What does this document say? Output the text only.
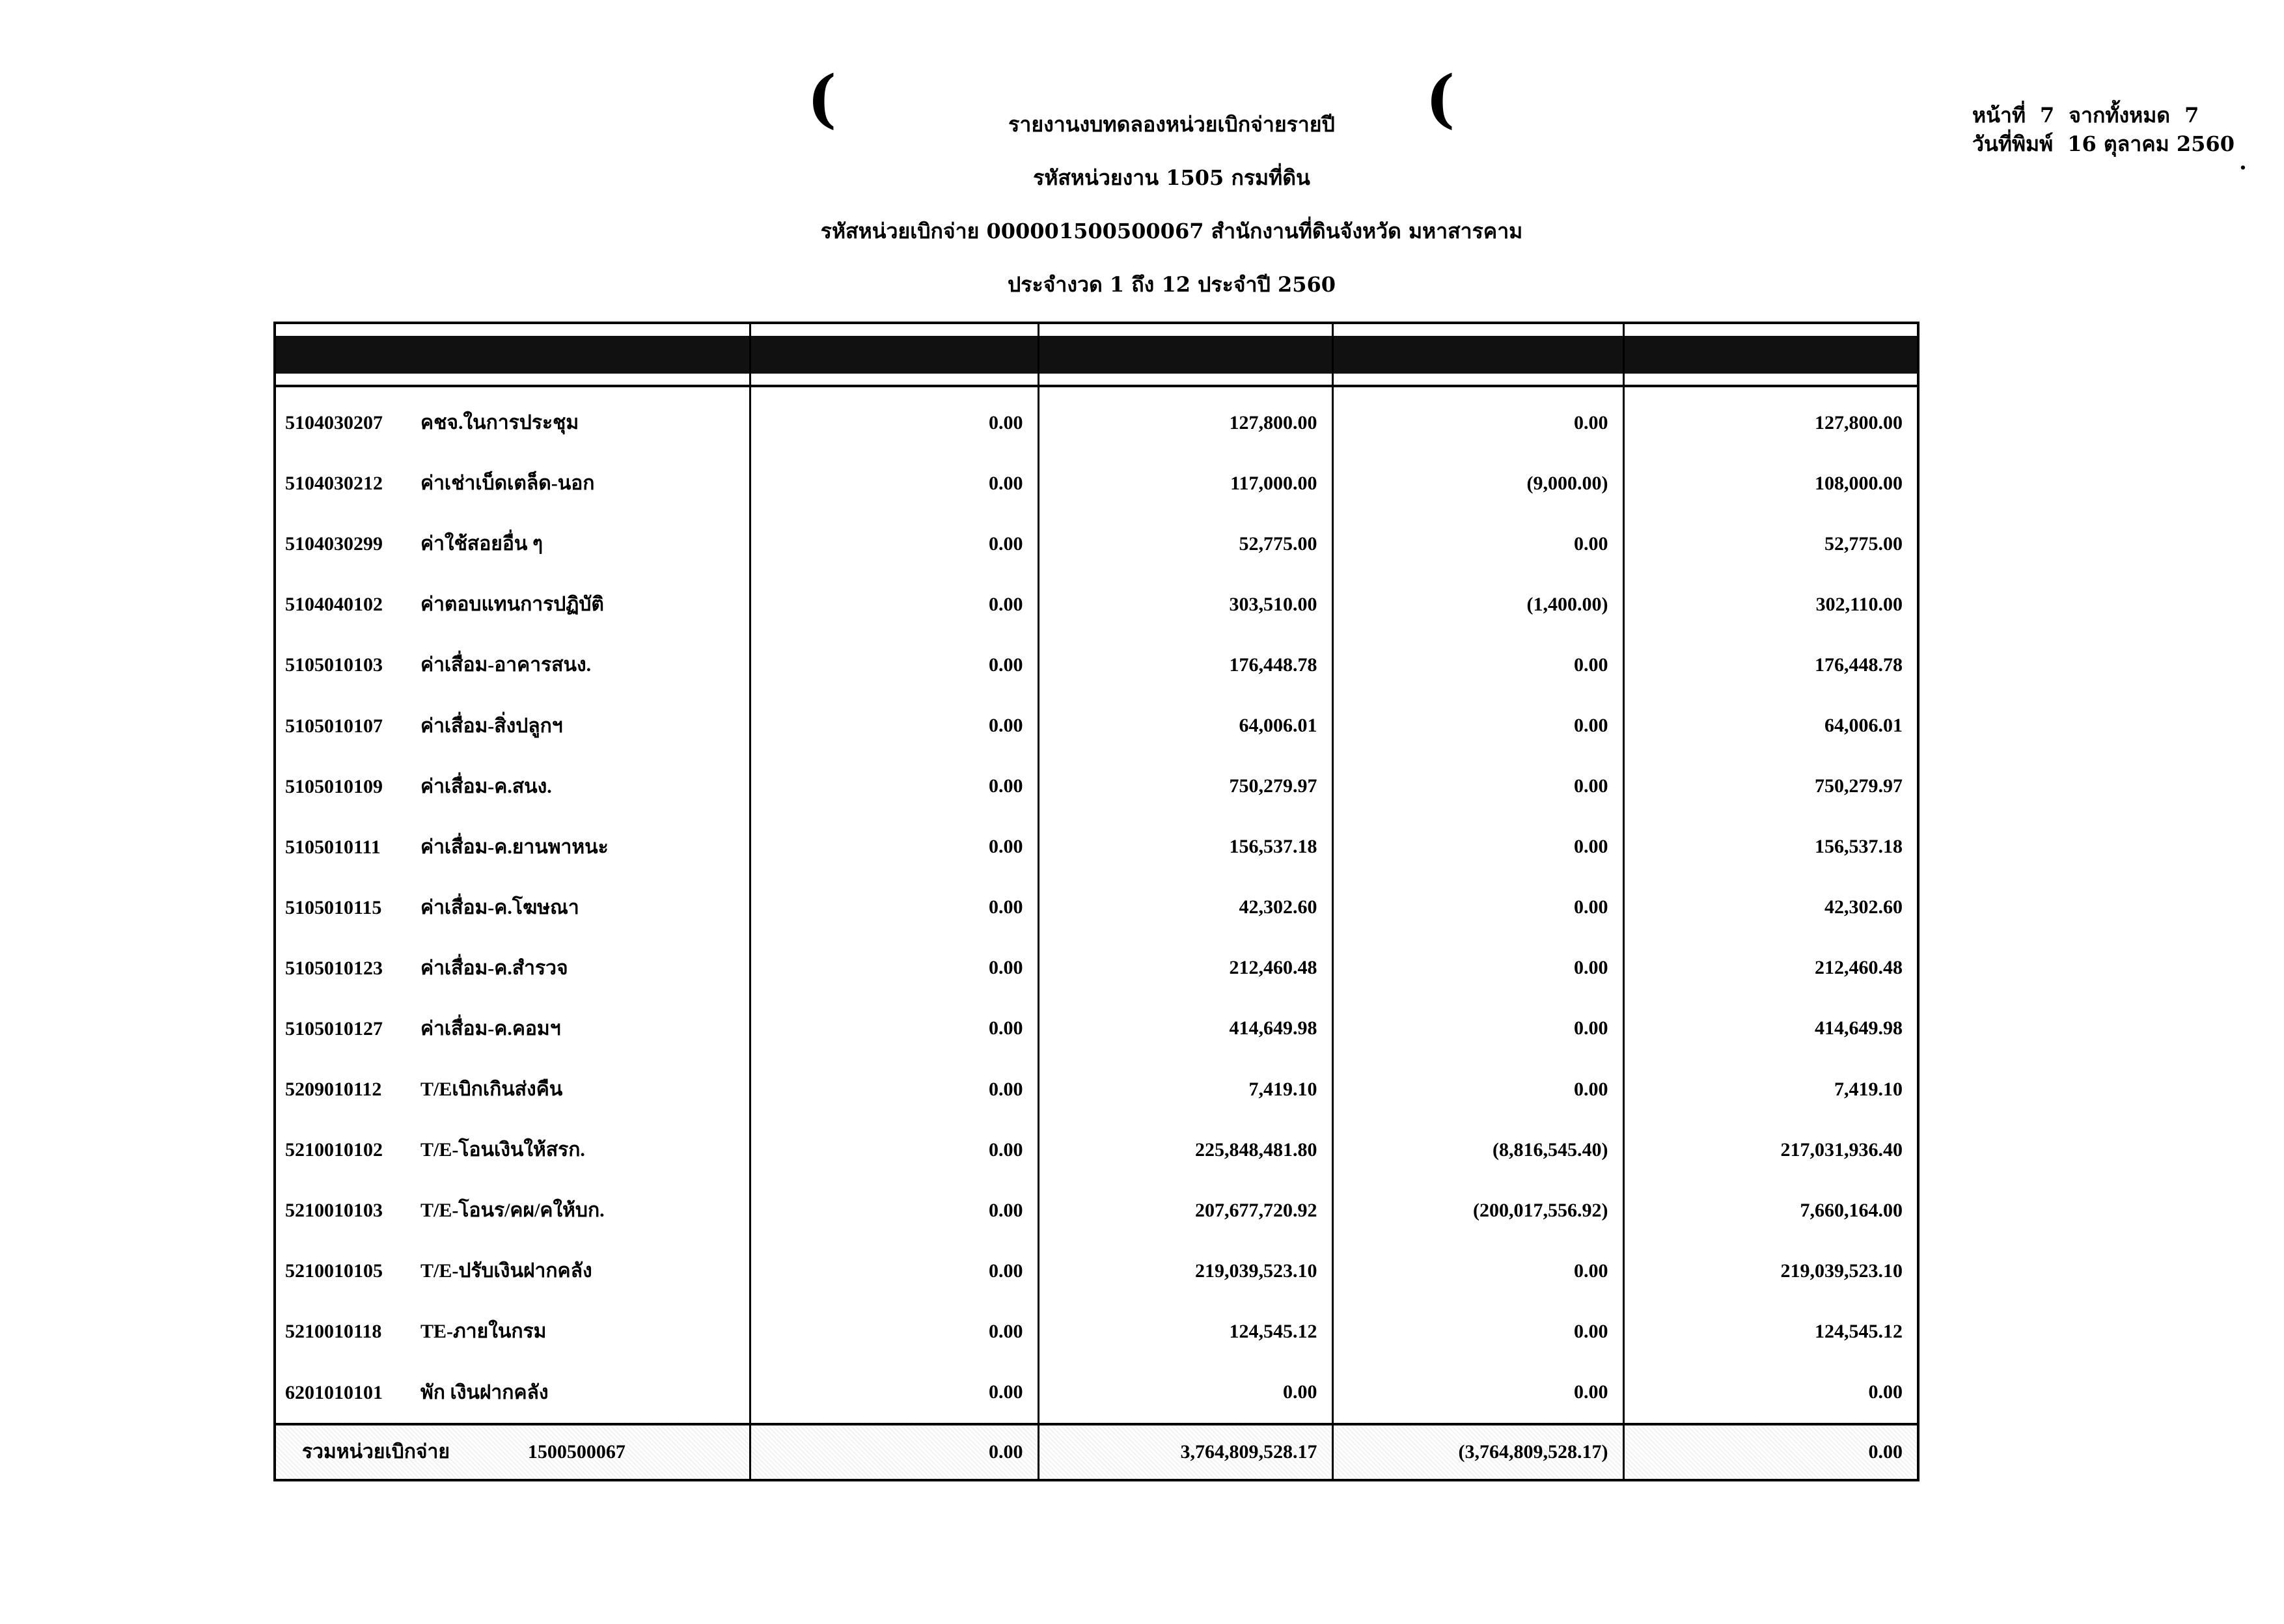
(	(
รายงานงบทดลองหน่วยเบิกจ่ายรายปี
รหัสหน่วยงาน 1505 กรมที่ดิน
รหัสหน่วยเบิกจ่าย 000001500500067 สำนักงานที่ดินจังหวัด มหาสารคาม
ประจำงวด 1 ถึง 12 ประจำปี 2560
หน้าที่ 7 จากทั้งหมด 7
วันที่พิมพ์ 16 ตุลาคม 2560
.

5104030207 คชจ.ในการประชุม	0.00	127,800.00	0.00	127,800.00
5104030212 ค่าเช่าเบ็ดเตล็ด-นอก	0.00	117,000.00	(9,000.00)	108,000.00
5104030299 ค่าใช้สอยอื่น ๆ	0.00	52,775.00	0.00	52,775.00
5104040102 ค่าตอบแทนการปฏิบัติ	0.00	303,510.00	(1,400.00)	302,110.00
5105010103 ค่าเสื่อม-อาคารสนง.	0.00	176,448.78	0.00	176,448.78
5105010107 ค่าเสื่อม-สิ่งปลูกฯ	0.00	64,006.01	0.00	64,006.01
5105010109 ค่าเสื่อม-ค.สนง.	0.00	750,279.97	0.00	750,279.97
5105010111 ค่าเสื่อม-ค.ยานพาหนะ	0.00	156,537.18	0.00	156,537.18
5105010115 ค่าเสื่อม-ค.โฆษณา	0.00	42,302.60	0.00	42,302.60
5105010123 ค่าเสื่อม-ค.สำรวจ	0.00	212,460.48	0.00	212,460.48
5105010127 ค่าเสื่อม-ค.คอมฯ	0.00	414,649.98	0.00	414,649.98
5209010112 T/Eเบิกเกินส่งคืน	0.00	7,419.10	0.00	7,419.10
5210010102 T/E-โอนเงินให้สรก.	0.00	225,848,481.80	(8,816,545.40)	217,031,936.40
5210010103 T/E-โอนร/คผ/คให้บก.	0.00	207,677,720.92	(200,017,556.92)	7,660,164.00
5210010105 T/E-ปรับเงินฝากคลัง	0.00	219,039,523.10	0.00	219,039,523.10
5210010118 TE-ภายในกรม	0.00	124,545.12	0.00	124,545.12
6201010101 พัก เงินฝากคลัง	0.00	0.00	0.00	0.00
รวมหน่วยเบิกจ่าย 1500500067	0.00	3,764,809,528.17	(3,764,809,528.17)	0.00
